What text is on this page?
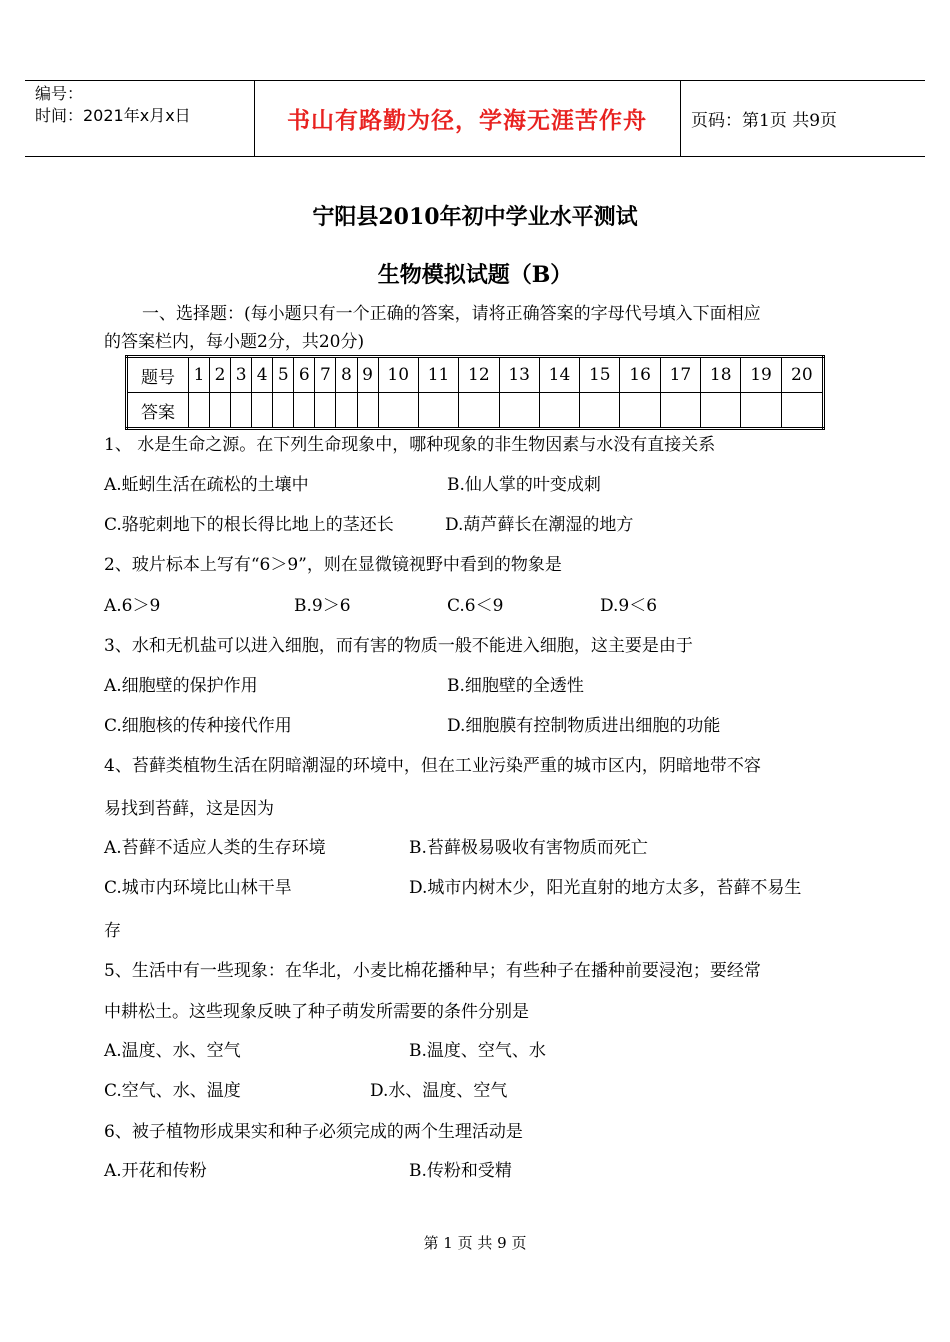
编号：
时间：2021年x月x日	书山有路勤为径，学海无涯苦作舟	页码：第1页 共9页
宁阳县2010年初中学业水平测试
生物模拟试题（B）
一、选择题：(每小题只有一个正确的答案，请将正确答案的字母代号填入下面相应
的答案栏内，每小题2分，共20分)
题号	1	2	3	4	5	6	7	8	9	10	11	12	13	14	15	16	17	18	19	20
答案																				
1、 水是生命之源。在下列生命现象中，哪种现象的非生物因素与水没有直接关系
A.蚯蚓生活在疏松的土壤中	B.仙人掌的叶变成刺
C.骆驼刺地下的根长得比地上的茎还长	D.葫芦藓长在潮湿的地方
2、玻片标本上写有“6＞9”，则在显微镜视野中看到的物象是
A.6＞9	B.9＞6	C.6＜9	D.9＜6
3、水和无机盐可以进入细胞，而有害的物质一般不能进入细胞，这主要是由于
A.细胞壁的保护作用	B.细胞壁的全透性
C.细胞核的传种接代作用	D.细胞膜有控制物质进出细胞的功能
4、苔藓类植物生活在阴暗潮湿的环境中，但在工业污染严重的城市区内，阴暗地带不容
易找到苔藓，这是因为
A.苔藓不适应人类的生存环境	B.苔藓极易吸收有害物质而死亡
C.城市内环境比山林干旱	D.城市内树木少，阳光直射的地方太多，苔藓不易生
存
5、生活中有一些现象：在华北，小麦比棉花播种早；有些种子在播种前要浸泡；要经常
中耕松土。这些现象反映了种子萌发所需要的条件分别是
A.温度、水、空气	B.温度、空气、水
C.空气、水、温度	D.水、温度、空气
6、被子植物形成果实和种子必须完成的两个生理活动是
A.开花和传粉	B.传粉和受精
第 1 页 共 9 页
